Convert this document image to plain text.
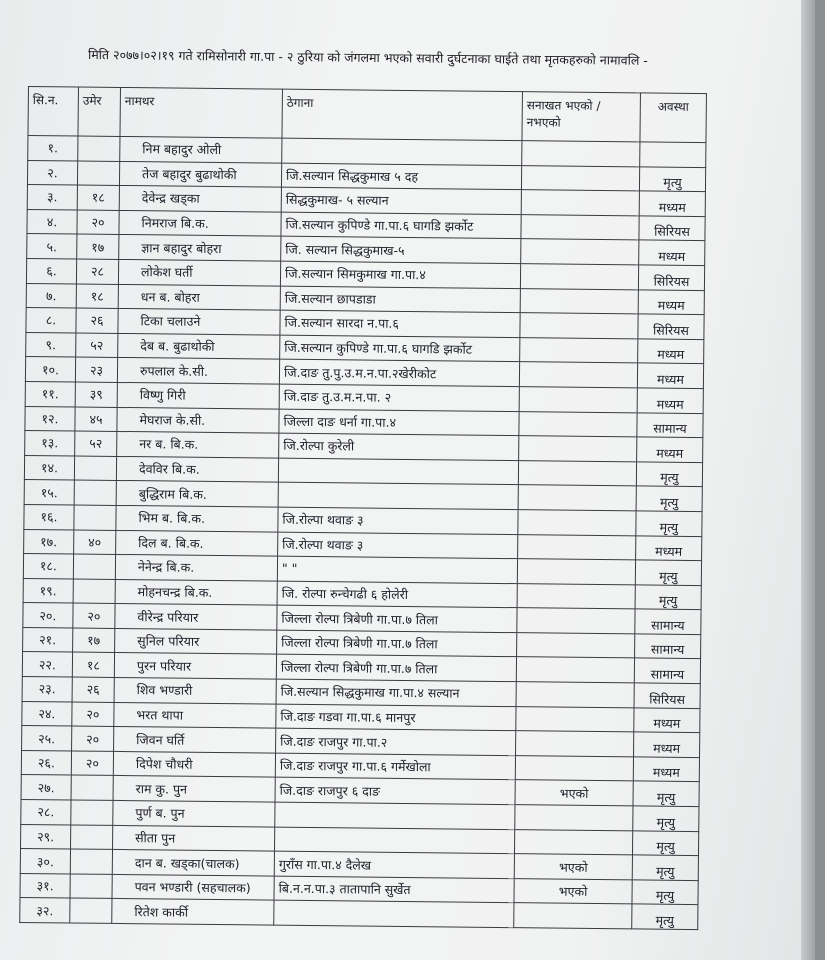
मिति २०७७।०२।१९ गते रामिसोनारी गा.पा - २ ठुरिया को जंगलमा भएको सवारी दुर्घटनाका घाईते तथा मृतकहरुको नामावलि -
सि.न.	उमेर	नामथर	ठेगाना	सनाखत भएको / नभएको	अवस्था
१.		निम बहादुर ओली			
२.		तेज बहादुर बुढाथोकी	जि.सल्यान सिद्धकुमाख ५ दह		मृत्यु
३.	१८	देवेन्द्र खड्का	सिद्धकुमाख- ५ सल्यान		मध्यम
४.	२०	निमराज बि.क.	जि.सल्यान कुपिण्डे गा.पा.६ घागडि झर्कोट		सिरियस
५.	१७	ज्ञान बहादुर बोहरा	जि. सल्यान सिद्धकुमाख-५		मध्यम
६.	२८	लोकेश घर्ती	जि.सल्यान सिमकुमाख गा.पा.४		सिरियस
७.	१८	धन ब. बोहरा	जि.सल्यान छापडाडा		मध्यम
८.	२६	टिका चलाउने	जि.सल्यान सारदा न.पा.६		सिरियस
९.	५२	देब ब. बुढाथोकी	जि.सल्यान कुपिण्डे गा.पा.६ घागडि झर्कोट		मध्यम
१०.	२३	रुपलाल के.सी.	जि.दाङ तु.पु.उ.म.न.पा.२खेरीकोट		मध्यम
११.	३९	विष्णु गिरी	जि.दाङ तु.उ.म.न.पा. २		मध्यम
१२.	४५	मेघराज के.सी.	जिल्ला दाङ धर्ना गा.पा.४		सामान्य
१३.	५२	नर ब. बि.क.	जि.रोल्पा कुरेली		मध्यम
१४.		देवविर बि.क.			मृत्यु
१५.		बुद्धिराम बि.क.			मृत्यु
१६.		भिम ब. बि.क.	जि.रोल्पा थवाङ ३		मृत्यु
१७.	४०	दिल ब. बि.क.	जि.रोल्पा थवाङ ३		मध्यम
१८.		नेनेन्द्र बि.क.	" "		मृत्यु
१९.		मोहनचन्द्र बि.क.	जि. रोल्पा रुन्चेगढी ६ होलेरी		मृत्यु
२०.	२०	वीरेन्द्र परियार	जिल्ला रोल्पा त्रिबेणी गा.पा.७ तिला		सामान्य
२१.	१७	सुनिल परियार	जिल्ला रोल्पा त्रिबेणी गा.पा.७ तिला		सामान्य
२२.	१८	पुरन परियार	जिल्ला रोल्पा त्रिबेणी गा.पा.७ तिला		सामान्य
२३.	२६	शिव भण्डारी	जि.सल्यान सिद्धकुमाख गा.पा.४ सल्यान		सिरियस
२४.	२०	भरत थापा	जि.दाङ गडवा गा.पा.६ मानपुर		मध्यम
२५.	२०	जिवन घर्ति	जि.दाङ राजपुर गा.पा.२		मध्यम
२६.	२०	दिपेश चौधरी	जि.दाङ राजपुर गा.पा.६ गर्मेखोला		मध्यम
२७.		राम कु. पुन	जि.दाङ राजपुर ६ दाङ	भएको	मृत्यु
२८.		पुर्ण ब. पुन			मृत्यु
२९.		सीता पुन			मृत्यु
३०.		दान ब. खड्का(चालक)	गुराँस गा.पा.४ दैलेख	भएको	मृत्यु
३१.		पवन भण्डारी (सहचालक)	बि.न.न.पा.३ तातापानि सुर्खेत	भएको	मृत्यु
३२.		रितेश कार्की			मृत्यु
